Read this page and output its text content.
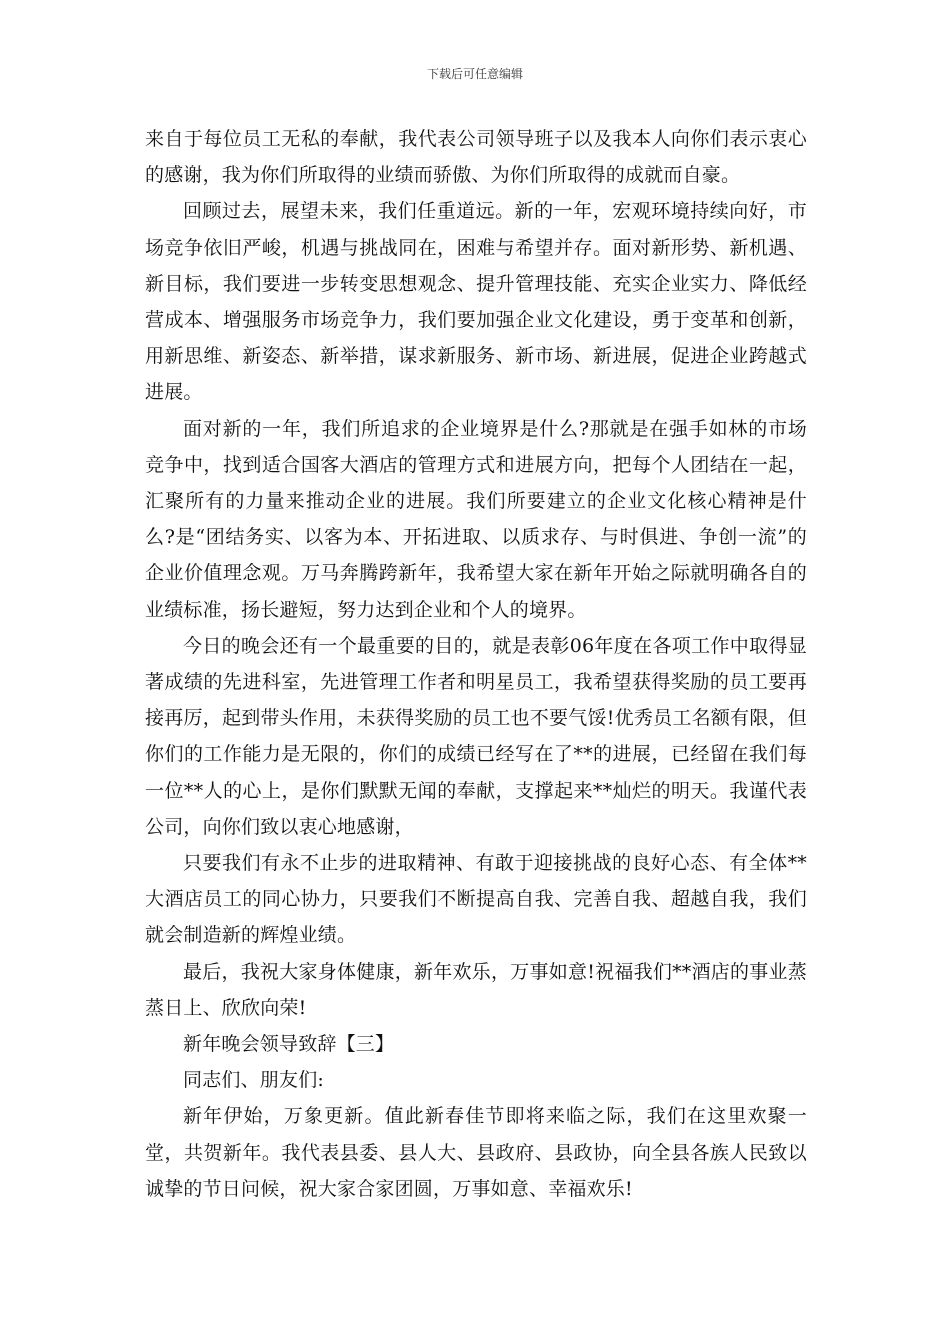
下载后可任意编辑

来自于每位员工无私的奉献，我代表公司领导班子以及我本人向你们表示衷心的感谢，我为你们所取得的业绩而骄傲、为你们所取得的成就而自豪。

回顾过去，展望未来，我们任重道远。新的一年，宏观环境持续向好，市场竞争依旧严峻，机遇与挑战同在，困难与希望并存。面对新形势、新机遇、新目标，我们要进一步转变思想观念、提升管理技能、充实企业实力、降低经营成本、增强服务市场竞争力，我们要加强企业文化建设，勇于变革和创新，用新思维、新姿态、新举措，谋求新服务、新市场、新进展，促进企业跨越式进展。

面对新的一年，我们所追求的企业境界是什么?那就是在强手如林的市场竞争中，找到适合国客大酒店的管理方式和进展方向，把每个人团结在一起，汇聚所有的力量来推动企业的进展。我们所要建立的企业文化核心精神是什么?是“团结务实、以客为本、开拓进取、以质求存、与时俱进、争创一流”的企业价值理念观。万马奔腾跨新年，我希望大家在新年开始之际就明确各自的业绩标准，扬长避短，努力达到企业和个人的境界。

今日的晚会还有一个最重要的目的，就是表彰06年度在各项工作中取得显著成绩的先进科室，先进管理工作者和明星员工，我希望获得奖励的员工要再接再厉，起到带头作用，未获得奖励的员工也不要气馁!优秀员工名额有限，但你们的工作能力是无限的，你们的成绩已经写在了**的进展，已经留在我们每一位**人的心上，是你们默默无闻的奉献，支撑起来**灿烂的明天。我谨代表公司，向你们致以衷心地感谢，

只要我们有永不止步的进取精神、有敢于迎接挑战的良好心态、有全体**大酒店员工的同心协力，只要我们不断提高自我、完善自我、超越自我，我们就会制造新的辉煌业绩。

最后，我祝大家身体健康，新年欢乐，万事如意!祝福我们**酒店的事业蒸蒸日上、欣欣向荣!

新年晚会领导致辞【三】

同志们、朋友们:

新年伊始，万象更新。值此新春佳节即将来临之际，我们在这里欢聚一堂，共贺新年。我代表县委、县人大、县政府、县政协，向全县各族人民致以诚挚的节日问候，祝大家合家团圆，万事如意、幸福欢乐!
